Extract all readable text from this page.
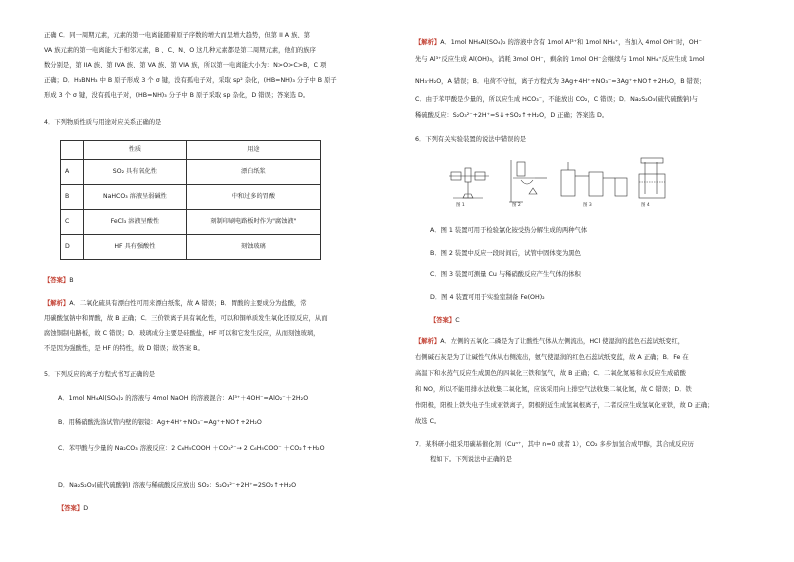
正确 C．同一周期元素，元素的第一电离能随着原子序数的增大而呈增大趋势，但第 II A 族、第
VA 族元素的第一电离能大于相邻元素，B 、C、N、O 这几种元素都是第二周期元素，他们的族序
数分别是，第 IIA 族、第 IVA 族、第 VA 族、第 VIA 族，所以第一电离能大小为：N>O>C>B，C 项
正确；D．H₃BNH₃ 中 B 原子形成 3 个 σ 键，没有孤电子对，采取 sp² 杂化，(HB=NH)₃ 分子中 B 原子
形成 3 个 σ 键，没有孤电子对，(HB=NH)₃ 分子中 B 原子采取 sp 杂化，D 错误；答案选 D。
4．下列物质性质与用途对应关系正确的是
	性质	用途
A	SO₂ 具有氧化性	漂白纸浆
B	NaHCO₃ 溶液呈弱碱性	中和过多的胃酸
C	FeCl₃ 溶液呈酸性	刻制印刷电路板时作为"腐蚀液"
D	HF 具有强酸性	刻蚀玻璃
【答案】B
【解析】A．二氧化硫具有漂白性可用来漂白纸浆，故 A 错误；B．胃酸的主要成分为盐酸，常
用碳酸氢钠中和胃酸，故 B 正确；C．三价铁离子具有氧化性，可以和铜单质发生氧化还原反应，从而
腐蚀铜制电路板，故 C 错误；D．玻璃成分主要是硅酸盐，HF 可以和它发生反应，从而刻蚀玻璃，
不是因为强酸性，是 HF 的特性，故 D 错误；故答案 B。
5．下列反应的离子方程式书写正确的是
A．1mol NH₄Al(SO₄)₂ 的溶液与 4mol NaOH 的溶液混合：Al³⁺＋4OH⁻=AlO₂⁻＋2H₂O
B．用稀硝酸洗涤试管内壁的银镜：Ag+4H⁺+NO₃⁻=Ag⁺+NO↑+2H₂O
C．苯甲酸与少量的 Na₂CO₃ 溶液反应：2 C₆H₅COOH ＋CO₃²⁻→ 2 C₆H₅COO⁻ ＋CO₂↑+H₂O
D．Na₂S₂O₃(硫代硫酸钠) 溶液与稀硫酸反应放出 SO₂：S₂O₃²⁻+2H⁺=2SO₂↑+H₂O
【答案】D
【解析】A．1mol NH₄Al(SO₄)₂ 的溶液中含有 1mol Al³⁺和 1mol NH₄⁺，当加入 4mol OH⁻时，OH⁻
先与 Al³⁺反应生成 Al(OH)₃，消耗 3mol OH⁻，剩余的 1mol OH⁻会继续与 1mol NH₄⁺反应生成 1mol
NH₃·H₂O，A 错误；B．电荷不守恒，离子方程式为 3Ag+4H⁺+NO₃⁻=3Ag⁺+NO↑+2H₂O，B 错误；
C．由于苯甲酸是少量的，所以应生成 HCO₃⁻，不能放出 CO₂，C 错误；D．Na₂S₂O₃(硫代硫酸钠)与
稀硫酸反应：S₂O₃²⁻+2H⁺=S↓+SO₂↑+H₂O，D 正确；答案选 D。
6．下列有关实验装置的说法中错误的是
图 1	图 2	图 3	图 4
A．图 1 装置可用于检验氯化铵受热分解生成的两种气体
B．图 2 装置中反应一段时间后，试管中固体变为黑色
C．图 3 装置可测量 Cu 与稀硝酸反应产生气体的体积
D．图 4 装置可用于实验室制备 Fe(OH)₂
【答案】C
【解析】A．左侧的五氧化二磷是为了让酸性气体从左侧流出，HCl 使湿润的蓝色石蕊试纸变红，
右侧碱石灰是为了让碱性气体从右侧流出，氨气使湿润的红色石蕊试纸变蓝，故 A 正确；B．Fe 在
高温下和水蒸气反应生成黑色的四氧化三铁和氢气，故 B 正确；C．二氧化氮易和水反应生成硝酸
和 NO，所以不能用排水法收集二氧化氮，应该采用向上排空气法收集二氧化氮，故 C 错误；D．铁
作阳极，阳极上铁失电子生成亚铁离子，阴极附近生成氢氧根离子，二者反应生成氢氧化亚铁，故 D 正确；
故选 C。
7．某科研小组采用碳基催化剂（Cuⁿ⁺，其中 n=0 或者 1），CO₂ 多步加氢合成甲醇，其合成反应历
程如下。下列说法中正确的是
